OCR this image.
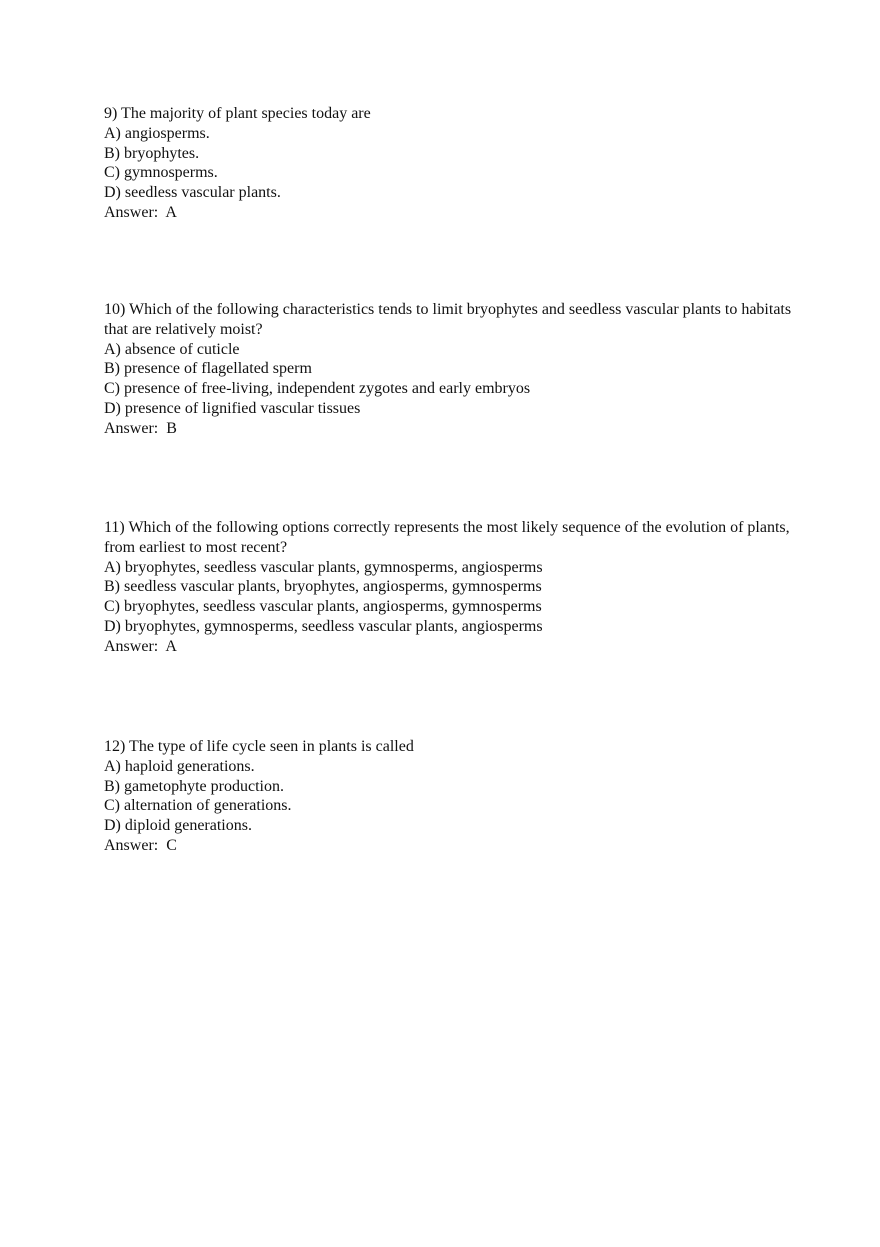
9) The majority of plant species today are
A) angiosperms.
B) bryophytes.
C) gymnosperms.
D) seedless vascular plants.
Answer: A
10) Which of the following characteristics tends to limit bryophytes and seedless vascular plants to habitats that are relatively moist?
A) absence of cuticle
B) presence of flagellated sperm
C) presence of free-living, independent zygotes and early embryos
D) presence of lignified vascular tissues
Answer: B
11) Which of the following options correctly represents the most likely sequence of the evolution of plants, from earliest to most recent?
A) bryophytes, seedless vascular plants, gymnosperms, angiosperms
B) seedless vascular plants, bryophytes, angiosperms, gymnosperms
C) bryophytes, seedless vascular plants, angiosperms, gymnosperms
D) bryophytes, gymnosperms, seedless vascular plants, angiosperms
Answer: A
12) The type of life cycle seen in plants is called
A) haploid generations.
B) gametophyte production.
C) alternation of generations.
D) diploid generations.
Answer: C
